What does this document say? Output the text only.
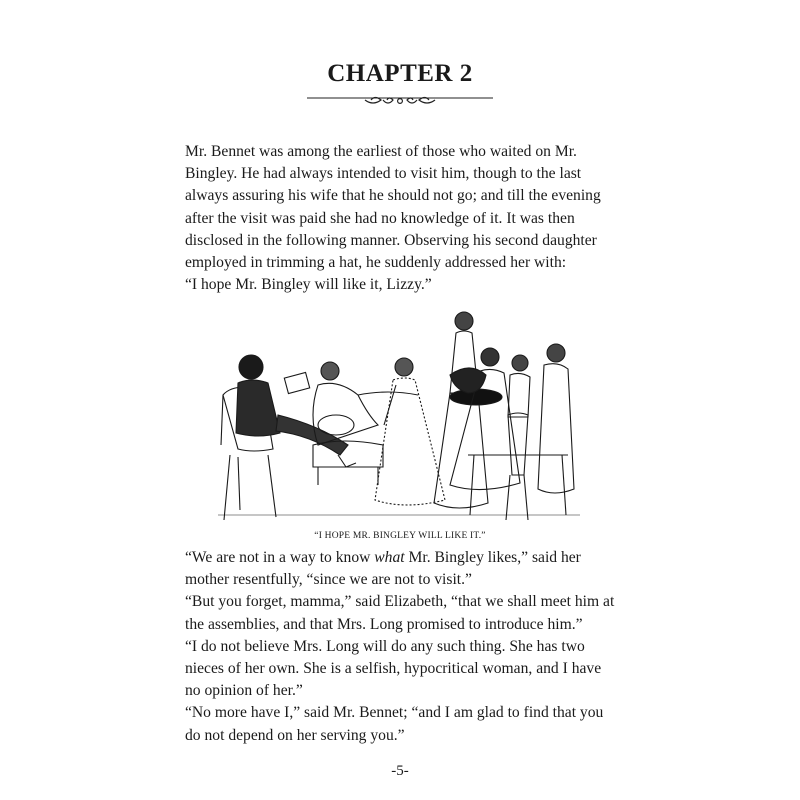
CHAPTER 2

Mr. Bennet was among the earliest of those who waited on Mr. Bingley. He had always intended to visit him, though to the last always assuring his wife that he should not go; and till the evening after the visit was paid she had no knowledge of it. It was then disclosed in the following manner. Observing his second daughter employed in trimming a hat, he suddenly addressed her with:

“I hope Mr. Bingley will like it, Lizzy.”

“I HOPE MR. BINGLEY WILL LIKE IT.”

“We are not in a way to know what Mr. Bingley likes,” said her mother resentfully, “since we are not to visit.”

“But you forget, mamma,” said Elizabeth, “that we shall meet him at the assemblies, and that Mrs. Long promised to introduce him.”

“I do not believe Mrs. Long will do any such thing. She has two nieces of her own. She is a selfish, hypocritical woman, and I have no opinion of her.”

“No more have I,” said Mr. Bennet; “and I am glad to find that you do not depend on her serving you.”

-5-
